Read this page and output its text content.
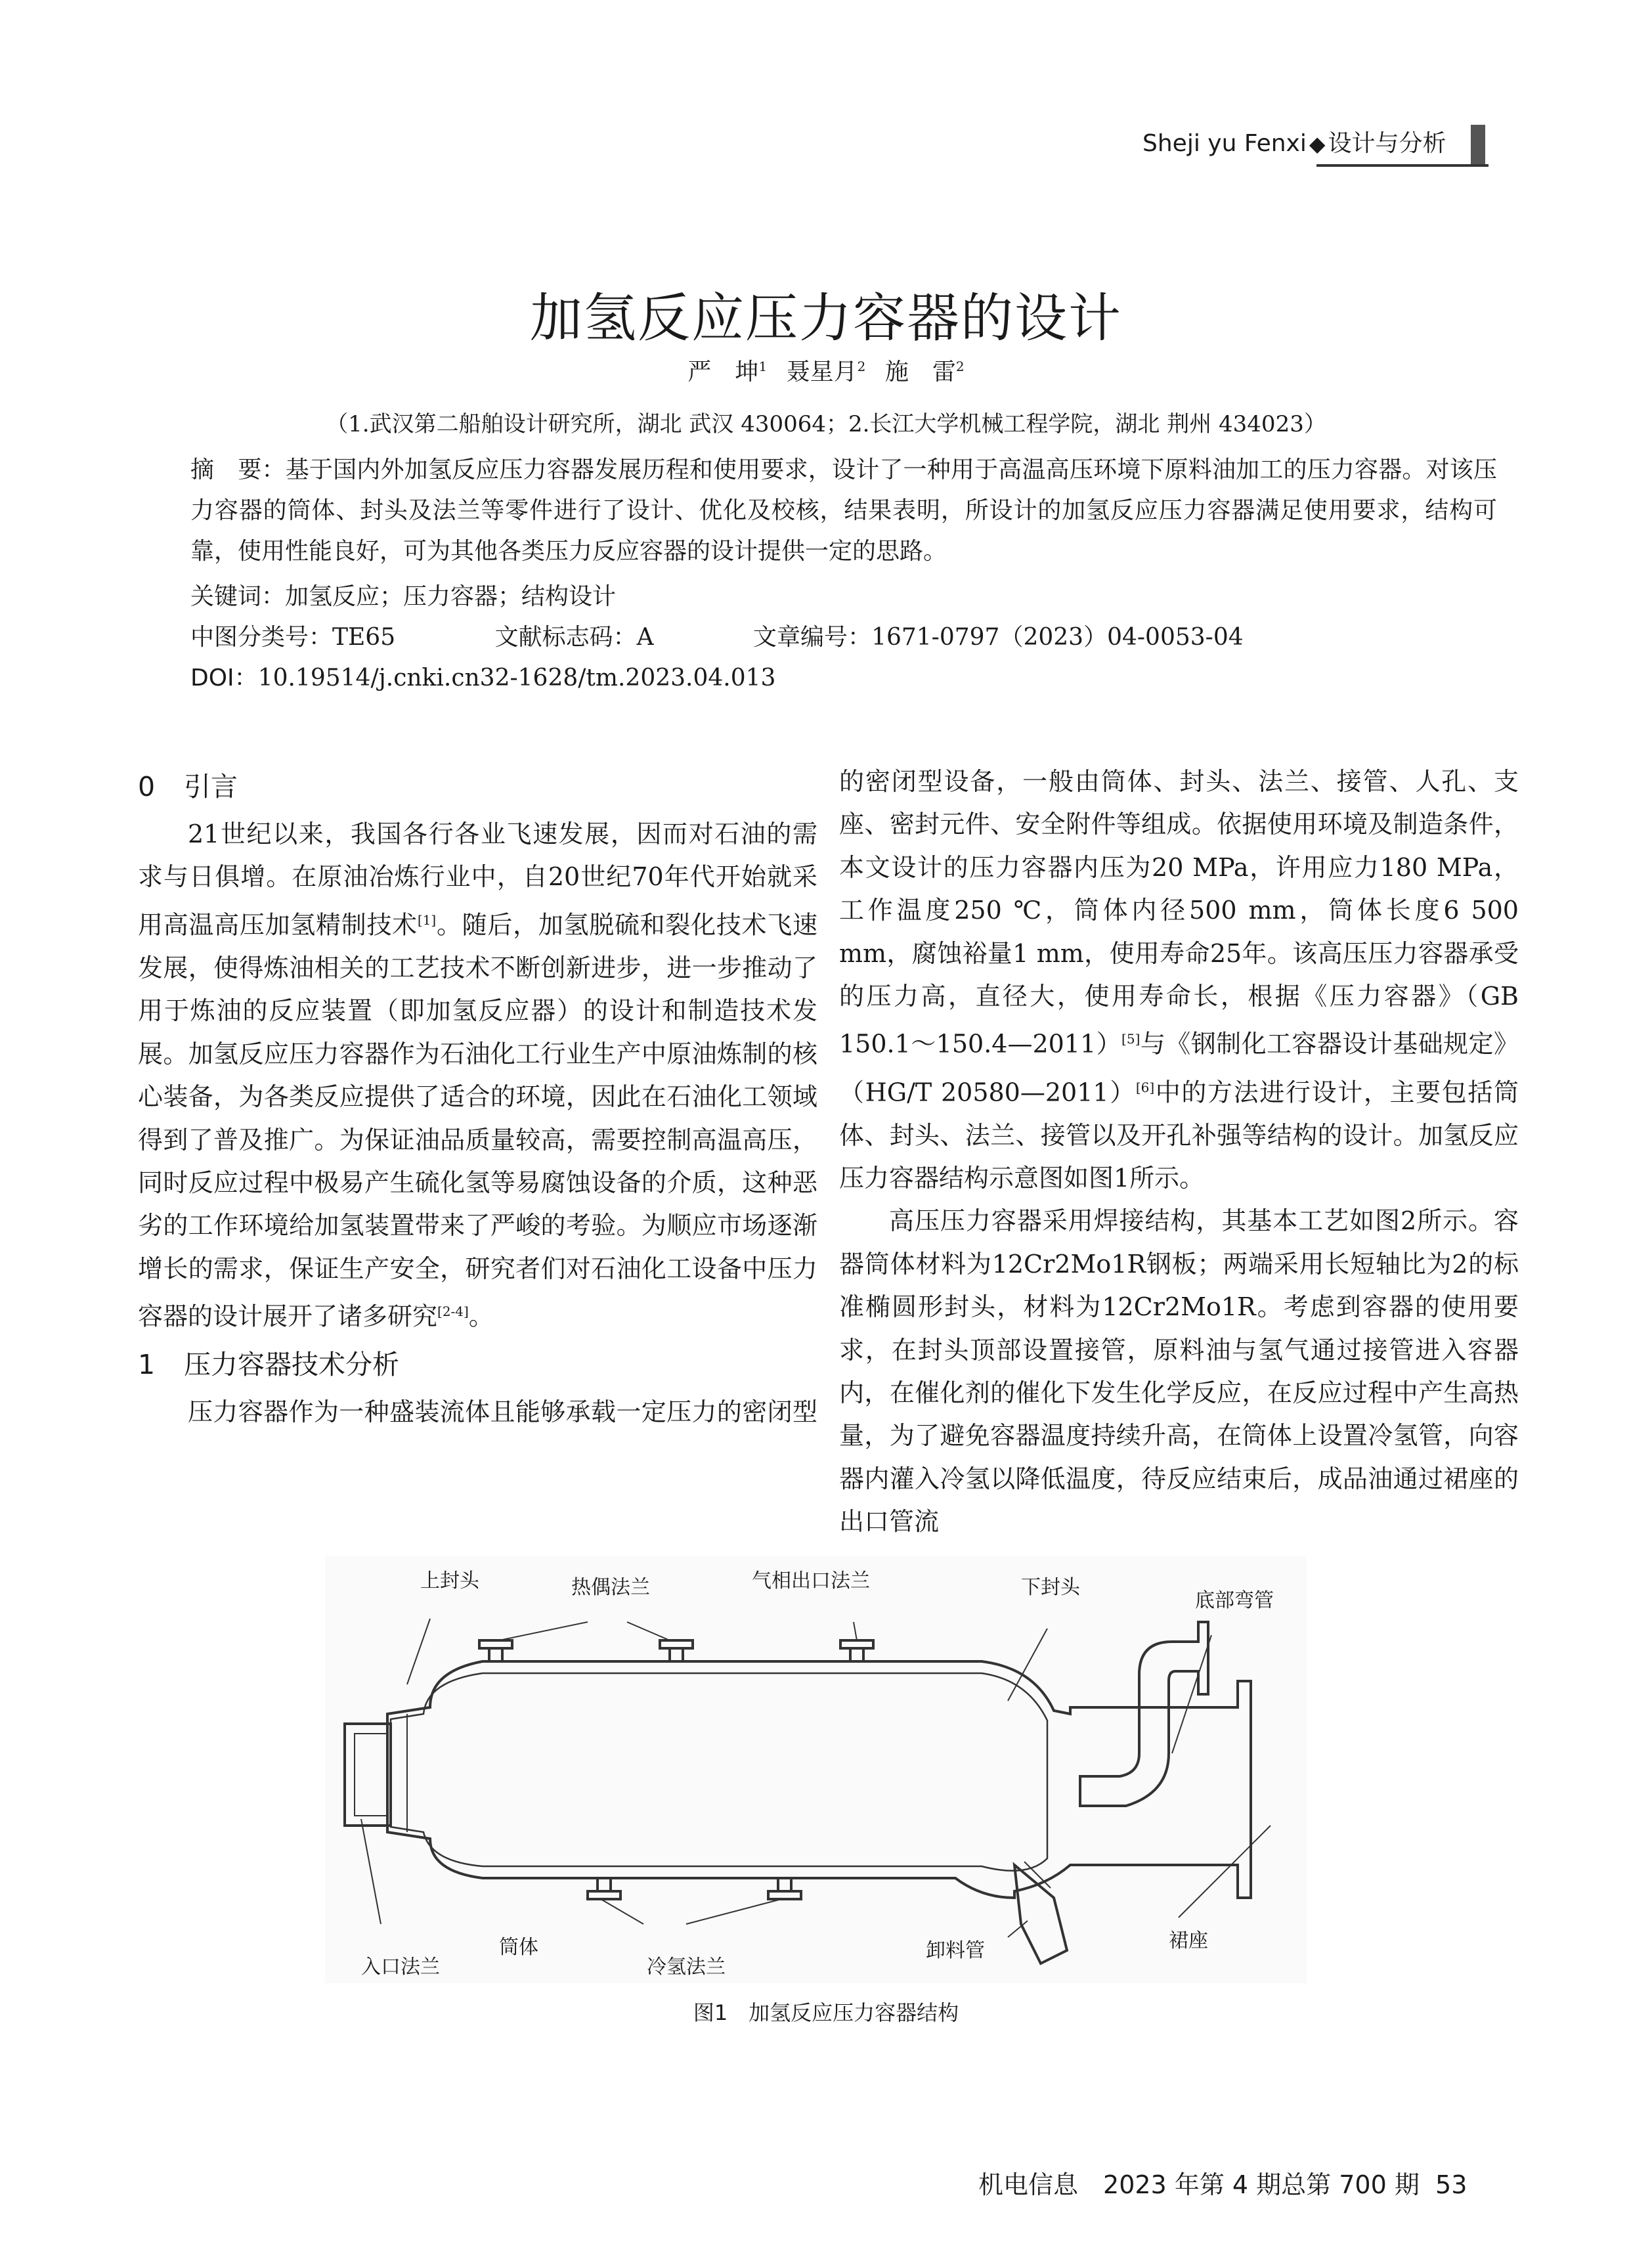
Sheji yu Fenxi ◆ 设计与分析
加氢反应压力容器的设计
严　坤$^1$ 聂星月$^2$ 施　雷$^2$
（1.武汉第二船舶设计研究所，湖北 武汉 430064；2.长江大学机械工程学院，湖北 荆州 434023）
摘　要：基于国内外加氢反应压力容器发展历程和使用要求，设计了一种用于高温高压环境下原料油加工的压力容器。对该压力容器的筒体、封头及法兰等零件进行了设计、优化及校核，结果表明，所设计的加氢反应压力容器满足使用要求，结构可靠，使用性能良好，可为其他各类压力反应容器的设计提供一定的思路。
关键词：加氢反应；压力容器；结构设计
中图分类号：TE65	文献标志码：A	文章编号：1671-0797（2023）04-0053-04
DOI：10.19514/j.cnki.cn32-1628/tm.2023.04.013
0 引言

21世纪以来，我国各行各业飞速发展，因而对石油的需求与日俱增。在原油冶炼行业中，自20世纪70年代开始就采用高温高压加氢精制技术[1]。随后，加氢脱硫和裂化技术飞速发展，使得炼油相关的工艺技术不断创新进步，进一步推动了用于炼油的反应装置（即加氢反应器）的设计和制造技术发展。加氢反应压力容器作为石油化工行业生产中原油炼制的核心装备，为各类反应提供了适合的环境，因此在石油化工领域得到了普及推广。为保证油品质量较高，需要控制高温高压，同时反应过程中极易产生硫化氢等易腐蚀设备的介质，这种恶劣的工作环境给加氢装置带来了严峻的考验。为顺应市场逐渐增长的需求，保证生产安全，研究者们对石油化工设备中压力容器的设计展开了诸多研究[2-4]。

1 压力容器技术分析

压力容器作为一种盛装流体且能够承载一定压力的密闭型

的密闭型设备，一般由筒体、封头、法兰、接管、人孔、支座、密封元件、安全附件等组成。依据使用环境及制造条件，本文设计的压力容器内压为20 MPa，许用应力180 MPa，工作温度250 ℃，筒体内径500 mm，筒体长度6 500 mm，腐蚀裕量1 mm，使用寿命25年。该高压压力容器承受的压力高，直径大，使用寿命长，根据《压力容器》（GB 150.1～150.4—2011）[5]与《钢制化工容器设计基础规定》（HG/T 20580—2011）[6]中的方法进行设计，主要包括筒体、封头、法兰、接管以及开孔补强等结构的设计。加氢反应压力容器结构示意图如图1所示。

高压压力容器采用焊接结构，其基本工艺如图2所示。容器筒体材料为12Cr2Mo1R钢板；两端采用长短轴比为2的标准椭圆形封头，材料为12Cr2Mo1R。考虑到容器的使用要求，在封头顶部设置接管，原料油与氢气通过接管进入容器内，在催化剂的催化下发生化学反应，在反应过程中产生高热量，为了避免容器温度持续升高，在筒体上设置冷氢管，向容器内灌入冷氢以降低温度，待反应结束后，成品油通过裙座的出口管流

上封头	热偶法兰	气相出口法兰	下封头
底部弯管
入口法兰
筒体
冷氢法兰
卸料管	裙座
图1　加氢反应压力容器结构
机电信息　 2023 年第 4 期总第 700 期 53
